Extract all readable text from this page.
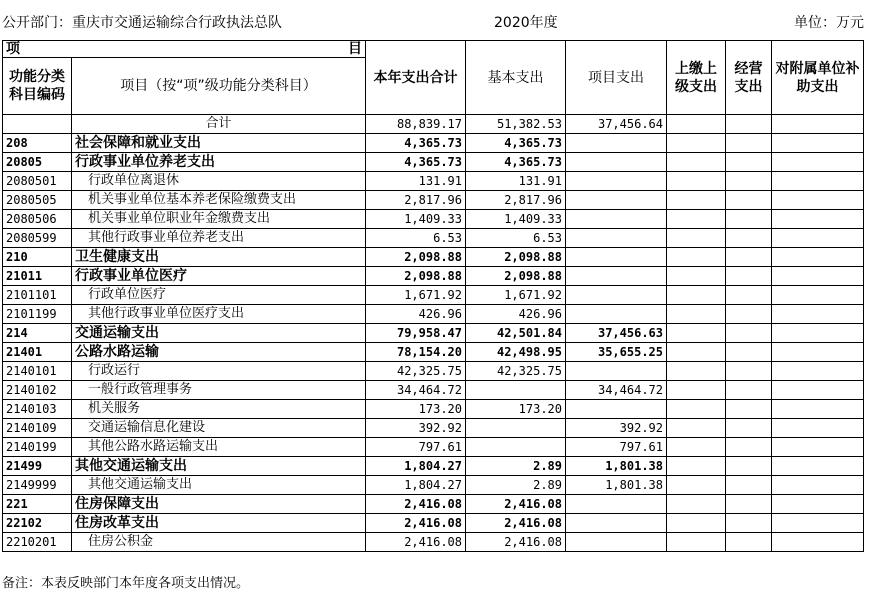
公开部门：重庆市交通运输综合行政执法总队	2020年度	单位：万元
项 目		本年支出合计	基本支出	项目支出	上缴上级支出	经营支出	对附属单位补助支出
功能分类科目编码	项目（按“项”级功能分类科目）						
	合计	88,839.17	51,382.53	37,456.64			
208	社会保障和就业支出	4,365.73	4,365.73				
20805	行政事业单位养老支出	4,365.73	4,365.73				
2080501	行政单位离退休	131.91	131.91				
2080505	机关事业单位基本养老保险缴费支出	2,817.96	2,817.96				
2080506	机关事业单位职业年金缴费支出	1,409.33	1,409.33				
2080599	其他行政事业单位养老支出	6.53	6.53				
210	卫生健康支出	2,098.88	2,098.88				
21011	行政事业单位医疗	2,098.88	2,098.88				
2101101	行政单位医疗	1,671.92	1,671.92				
2101199	其他行政事业单位医疗支出	426.96	426.96				
214	交通运输支出	79,958.47	42,501.84	37,456.63			
21401	公路水路运输	78,154.20	42,498.95	35,655.25			
2140101	行政运行	42,325.75	42,325.75				
2140102	一般行政管理事务	34,464.72		34,464.72			
2140103	机关服务	173.20	173.20				
2140109	交通运输信息化建设	392.92		392.92			
2140199	其他公路水路运输支出	797.61		797.61			
21499	其他交通运输支出	1,804.27	2.89	1,801.38			
2149999	其他交通运输支出	1,804.27	2.89	1,801.38			
221	住房保障支出	2,416.08	2,416.08				
22102	住房改革支出	2,416.08	2,416.08				
2210201	住房公积金	2,416.08	2,416.08				
备注：本表反映部门本年度各项支出情况。
